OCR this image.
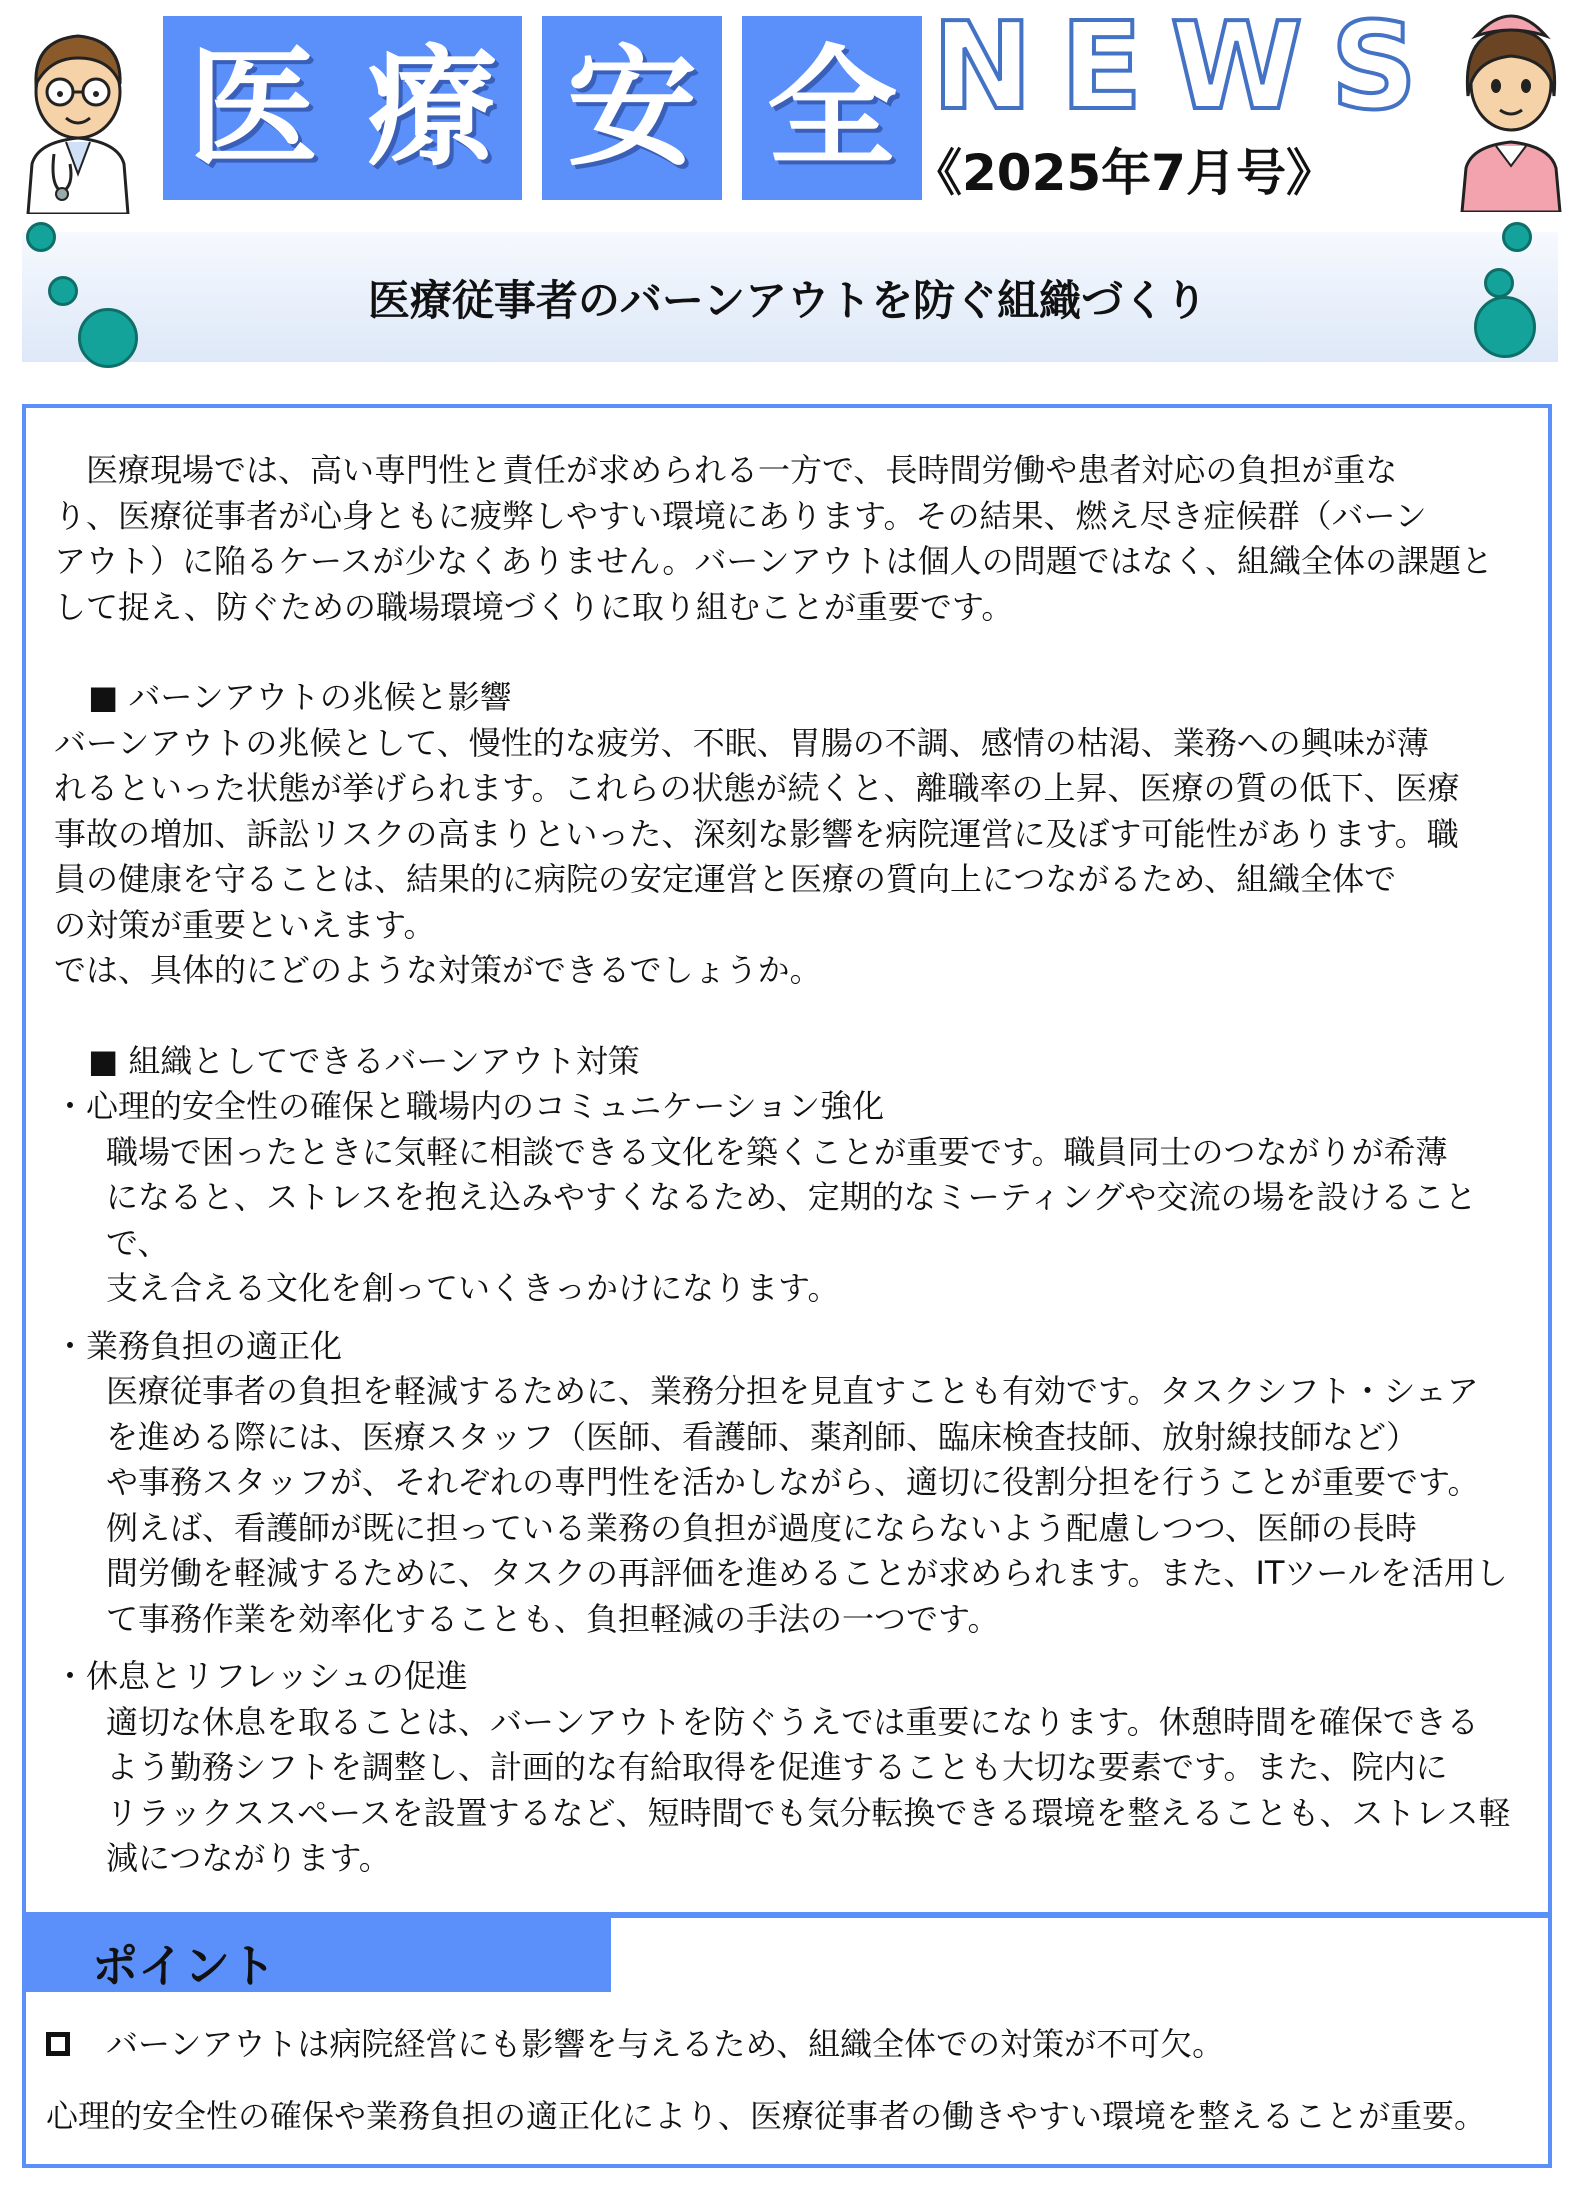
医 療 安 全 NEWS
《2025年7月号》
医療従事者のバーンアウトを防ぐ組織づくり
医療現場では、高い専門性と責任が求められる一方で、長時間労働や患者対応の負担が重な
り、医療従事者が心身ともに疲弊しやすい環境にあります。その結果、燃え尽き症候群（バーン
アウト）に陥るケースが少なくありません。バーンアウトは個人の問題ではなく、組織全体の課題と
して捉え、防ぐための職場環境づくりに取り組むことが重要です。
■ バーンアウトの兆候と影響
バーンアウトの兆候として、慢性的な疲労、不眠、胃腸の不調、感情の枯渇、業務への興味が薄
れるといった状態が挙げられます。これらの状態が続くと、離職率の上昇、医療の質の低下、医療
事故の増加、訴訟リスクの高まりといった、深刻な影響を病院運営に及ぼす可能性があります。職
員の健康を守ることは、結果的に病院の安定運営と医療の質向上につながるため、組織全体で
の対策が重要といえます。
では、具体的にどのような対策ができるでしょうか。
■ 組織としてできるバーンアウト対策
・心理的安全性の確保と職場内のコミュニケーション強化
職場で困ったときに気軽に相談できる文化を築くことが重要です。職員同士のつながりが希薄
になると、ストレスを抱え込みやすくなるため、定期的なミーティングや交流の場を設けることで、
支え合える文化を創っていくきっかけになります。
・業務負担の適正化
医療従事者の負担を軽減するために、業務分担を見直すことも有効です。タスクシフト・シェア
を進める際には、医療スタッフ（医師、看護師、薬剤師、臨床検査技師、放射線技師など）
や事務スタッフが、それぞれの専門性を活かしながら、適切に役割分担を行うことが重要です。
例えば、看護師が既に担っている業務の負担が過度にならないよう配慮しつつ、医師の長時
間労働を軽減するために、タスクの再評価を進めることが求められます。また、ITツールを活用し
て事務作業を効率化することも、負担軽減の手法の一つです。
・休息とリフレッシュの促進
適切な休息を取ることは、バーンアウトを防ぐうえでは重要になります。休憩時間を確保できる
よう勤務シフトを調整し、計画的な有給取得を促進することも大切な要素です。また、院内に
リラックススペースを設置するなど、短時間でも気分転換できる環境を整えることも、ストレス軽
減につながります。
ポイント
バーンアウトは病院経営にも影響を与えるため、組織全体での対策が不可欠。
心理的安全性の確保や業務負担の適正化により、医療従事者の働きやすい環境を整えることが重要。
